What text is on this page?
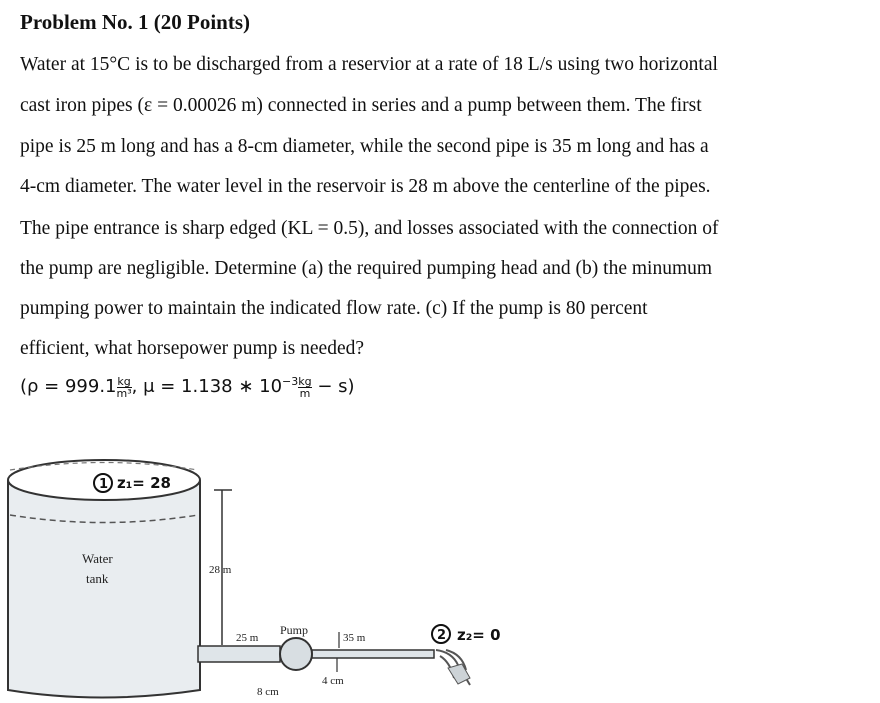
Problem No. 1 (20 Points)
Water at 15°C is to be discharged from a reservior at a rate of 18 L/s using two horizontal
cast iron pipes (ε = 0.00026 m) connected in series and a pump between them. The first
pipe is 25 m long and has a 8-cm diameter, while the second pipe is 35 m long and has a
4-cm diameter. The water level in the reservoir is 28 m above the centerline of the pipes.
The pipe entrance is sharp edged (KL = 0.5), and losses associated with the connection of
the pump are negligible. Determine (a) the required pumping head and (b) the minumum
pumping power to maintain the indicated flow rate. (c) If the pump is 80 percent
efficient, what horsepower pump is needed?
($\rho = 999.1 \frac{kg}{\text{m³}}$ , μ = 1.138 ∗ $10^{-3} \frac{kg}{m} - s$)
1 z₁= 28
Water
tank
28 m
25 m
Pump
35 m
8 cm
4 cm
2 z₂= 0
